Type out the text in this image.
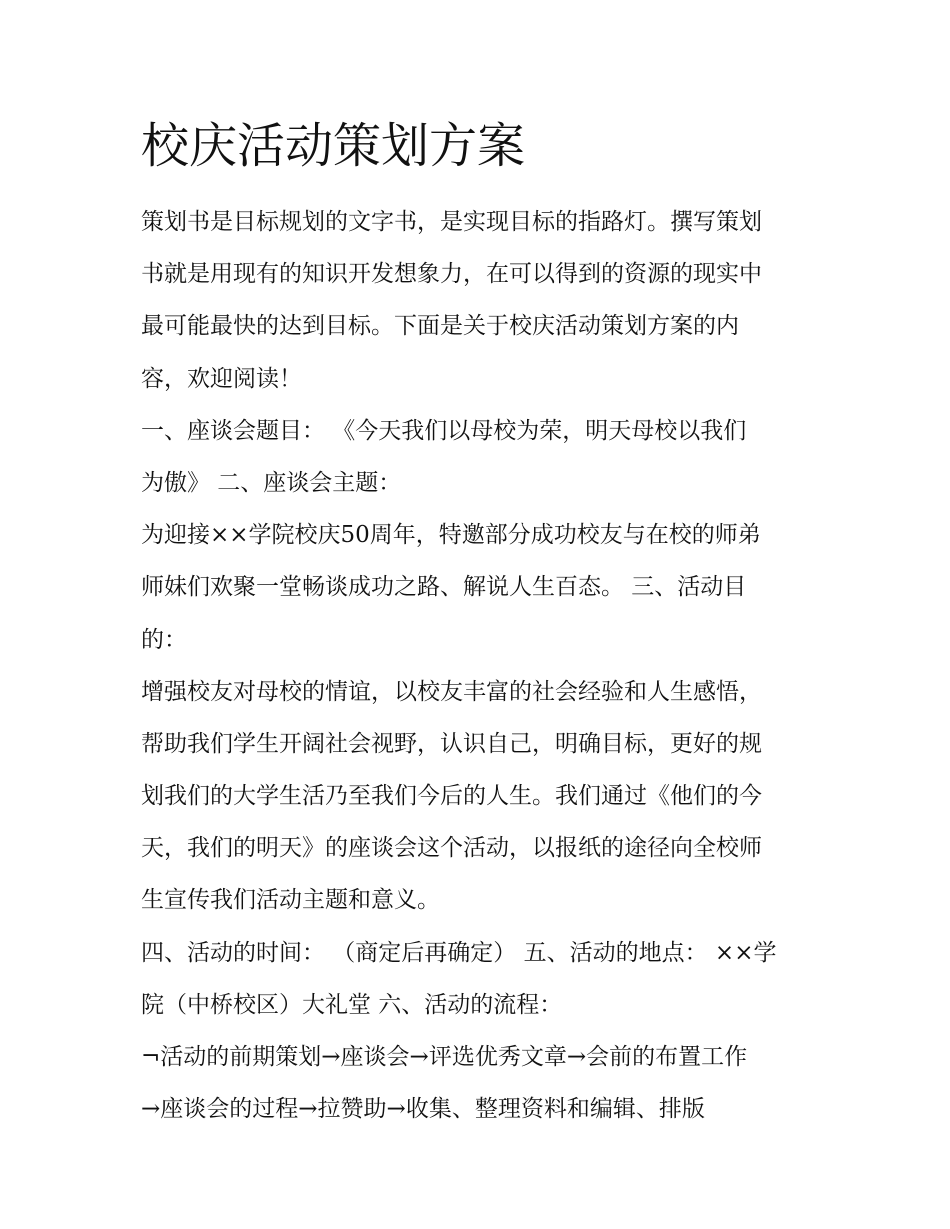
校庆活动策划方案
策划书是目标规划的文字书，是实现目标的指路灯。撰写策划
书就是用现有的知识开发想象力，在可以得到的资源的现实中
最可能最快的达到目标。下面是关于校庆活动策划方案的内
容，欢迎阅读！
一、座谈会题目： 《今天我们以母校为荣，明天母校以我们
为傲》 二、座谈会主题：
为迎接××学院校庆50周年，特邀部分成功校友与在校的师弟
师妹们欢聚一堂畅谈成功之路、解说人生百态。 三、活动目
的：
增强校友对母校的情谊，以校友丰富的社会经验和人生感悟，
帮助我们学生开阔社会视野，认识自己，明确目标，更好的规
划我们的大学生活乃至我们今后的人生。我们通过《他们的今
天，我们的明天》的座谈会这个活动，以报纸的途径向全校师
生宣传我们活动主题和意义。
四、活动的时间： （商定后再确定） 五、活动的地点： ××学
院（中桥校区）大礼堂 六、活动的流程：
¬活动的前期策划→座谈会→评选优秀文章→会前的布置工作
→座谈会的过程→拉赞助→收集、整理资料和编辑、排版
